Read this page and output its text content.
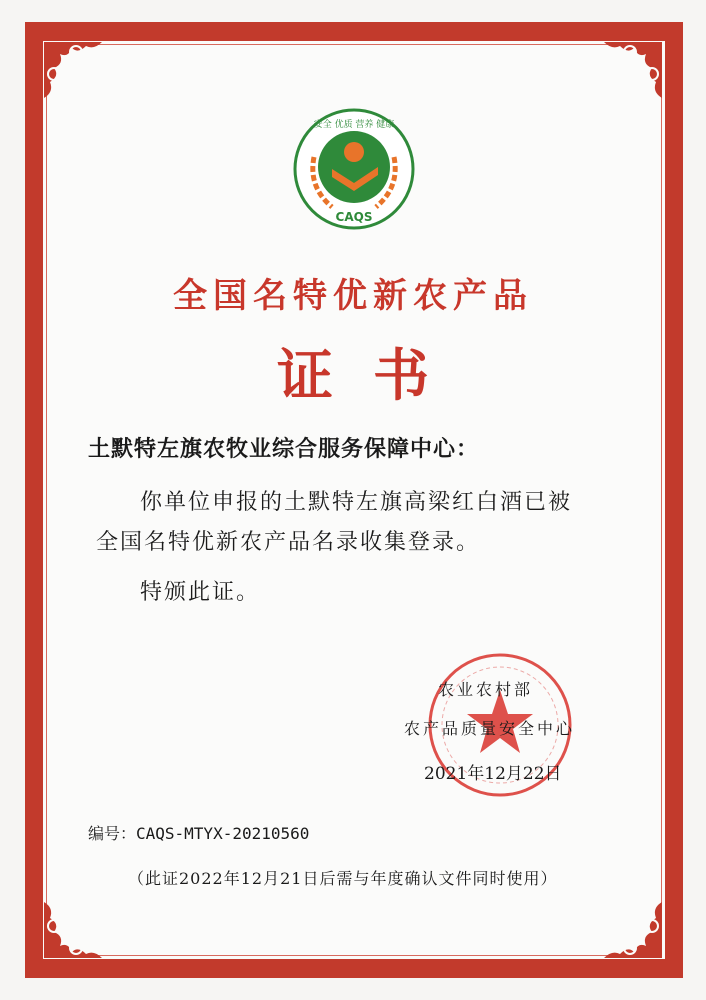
CAQS
安全 优质 营养 健康
全国名特优新农产品
证书
土默特左旗农牧业综合服务保障中心：
你单位申报的土默特左旗高梁红白酒已被
全国名特优新农产品名录收集登录。
特颁此证。
农业农村部
农产品质量安全中心
2021年12月22日
编号：CAQS-MTYX-20210560
（此证2022年12月21日后需与年度确认文件同时使用）
